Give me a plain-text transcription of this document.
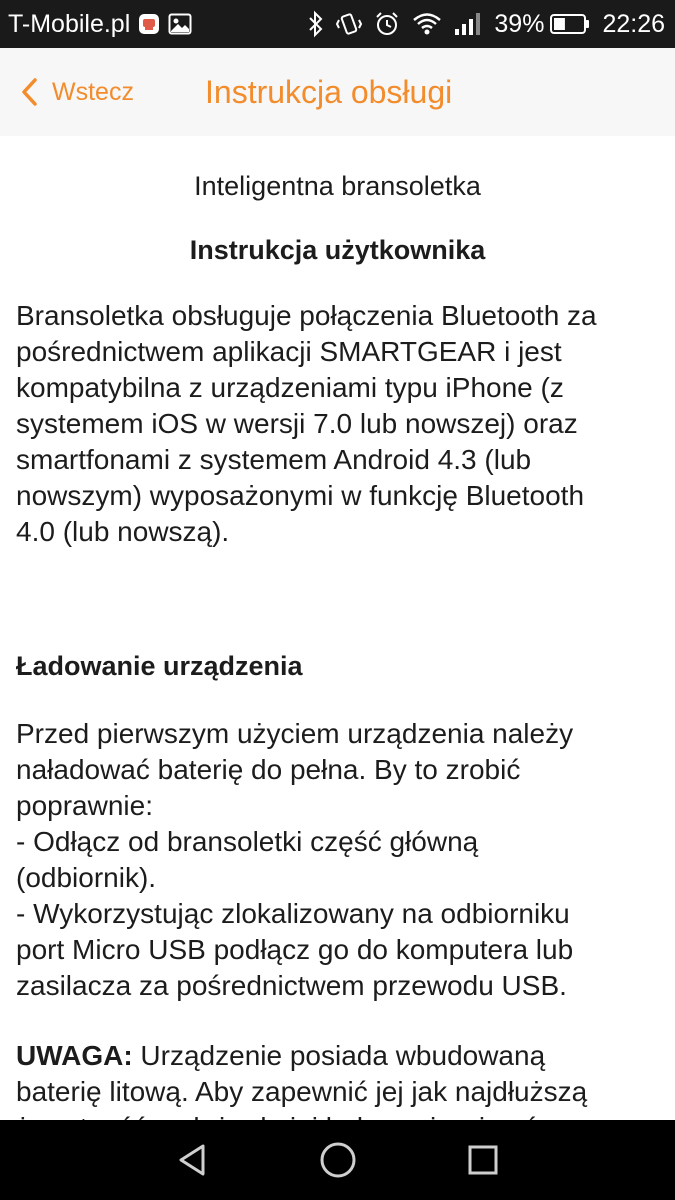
T-Mobile.pl	39% 22:26
Wstecz Instrukcja obsługi
Inteligentna bransoletka
Instrukcja użytkownika
Bransoletka obsługuje połączenia Bluetooth za
pośrednictwem aplikacji SMARTGEAR i jest
kompatybilna z urządzeniami typu iPhone (z
systemem iOS w wersji 7.0 lub nowszej) oraz
smartfonami z systemem Android 4.3 (lub
nowszym) wyposażonymi w funkcję Bluetooth
4.0 (lub nowszą).
Ładowanie urządzenia
Przed pierwszym użyciem urządzenia należy
naładować baterię do pełna. By to zrobić
poprawnie:
- Odłącz od bransoletki część główną
(odbiornik).
- Wykorzystując zlokalizowany na odbiorniku
port Micro USB podłącz go do komputera lub
zasilacza za pośrednictwem przewodu USB.
UWAGA: Urządzenie posiada wbudowaną
baterię litową. Aby zapewnić jej jak najdłuższą
